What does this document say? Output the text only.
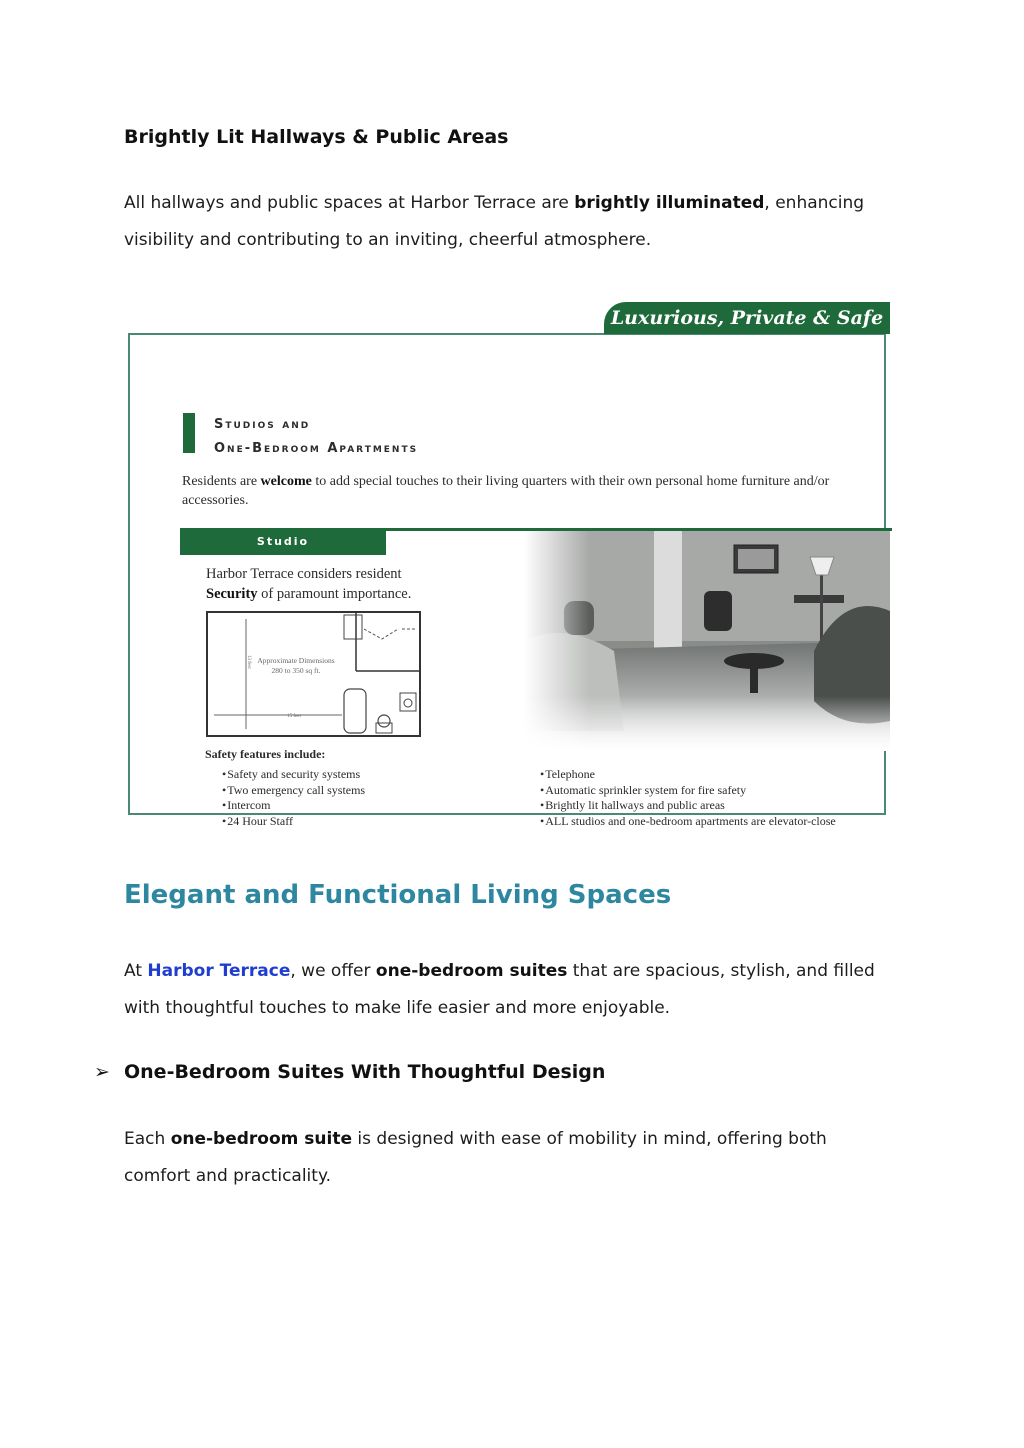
Brightly Lit Hallways & Public Areas
All hallways and public spaces at Harbor Terrace are brightly illuminated, enhancing visibility and contributing to an inviting, cheerful atmosphere.
Studios and
One-Bedroom Apartments
Residents are welcome to add special touches to their living quarters with their own personal home furniture and/or accessories.
Studio
Harbor Terrace considers resident
Security of paramount importance.
Approximate Dimensions
280 to 350 sq ft.
15 feet
13 feet
Safety features include:
• Safety and security systems
• Two emergency call systems
• Intercom
• 24 Hour Staff
• Telephone
• Automatic sprinkler system for fire safety
• Brightly lit hallways and public areas
• ALL studios and one-bedroom apartments are elevator-close
Luxurious, Private & Safe
Elegant and Functional Living Spaces
At Harbor Terrace, we offer one-bedroom suites that are spacious, stylish, and filled with thoughtful touches to make life easier and more enjoyable.
➢ One-Bedroom Suites With Thoughtful Design
Each one-bedroom suite is designed with ease of mobility in mind, offering both comfort and practicality.
